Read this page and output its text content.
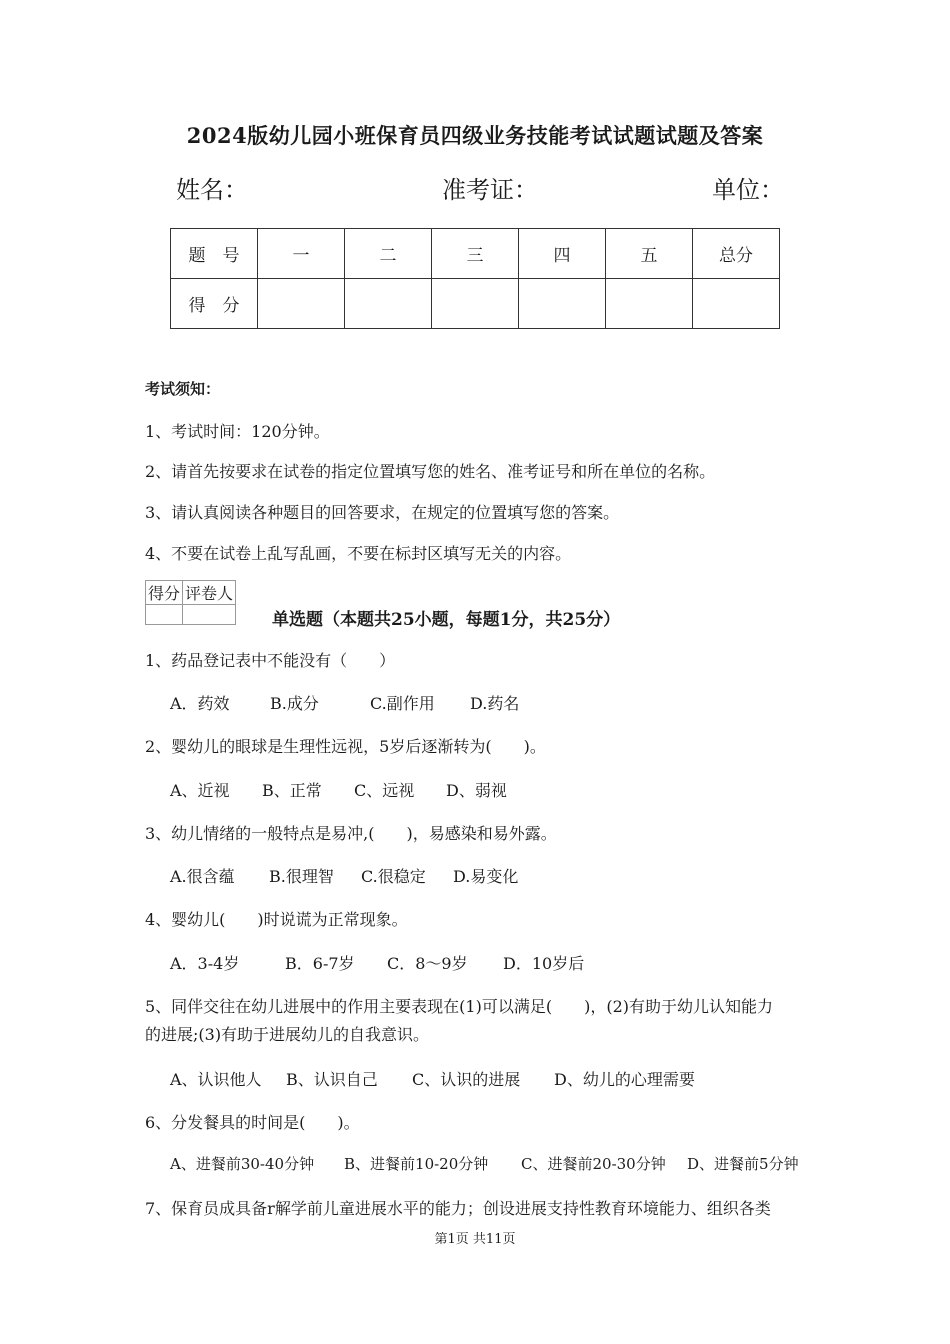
2024版幼儿园小班保育员四级业务技能考试试题试题及答案
姓名：	准考证：	单位：
题　号	一	二	三	四	五	总分
得　分						
考试须知：
1、考试时间：120分钟。
2、请首先按要求在试卷的指定位置填写您的姓名、准考证号和所在单位的名称。
3、请认真阅读各种题目的回答要求，在规定的位置填写您的答案。
4、不要在试卷上乱写乱画，不要在标封区填写无关的内容。
得分	评卷人

单选题（本题共25小题，每题1分，共25分）
1、药品登记表中不能没有（　　）
A．药效	B.成分	C.副作用 D.药名
2、婴幼儿的眼球是生理性远视，5岁后逐渐转为(　　)。
A、近视 B、正常 C、远视 D、弱视
3、幼儿情绪的一般特点是易冲,(　　)，易感染和易外露。
A.很含蕴 B.很理智 C.很稳定 D.易变化
4、婴幼儿(　　)时说谎为正常现象。
A．3-4岁	B．6-7岁 C．8～9岁 D．10岁后
5、同伴交往在幼儿进展中的作用主要表现在(1)可以满足(　　)，(2)有助于幼儿认知能力
的进展;(3)有助于进展幼儿的自我意识。
A、认识他人 B、认识自己 C、认识的进展 D、幼儿的心理需要
6、分发餐具的时间是(　　)。
A、进餐前30-40分钟 B、进餐前10-20分钟 C、进餐前20-30分钟 D、进餐前5分钟
7、保育员成具备r解学前儿童进展水平的能力；创设进展支持性教育环境能力、组织各类
第1页 共11页
